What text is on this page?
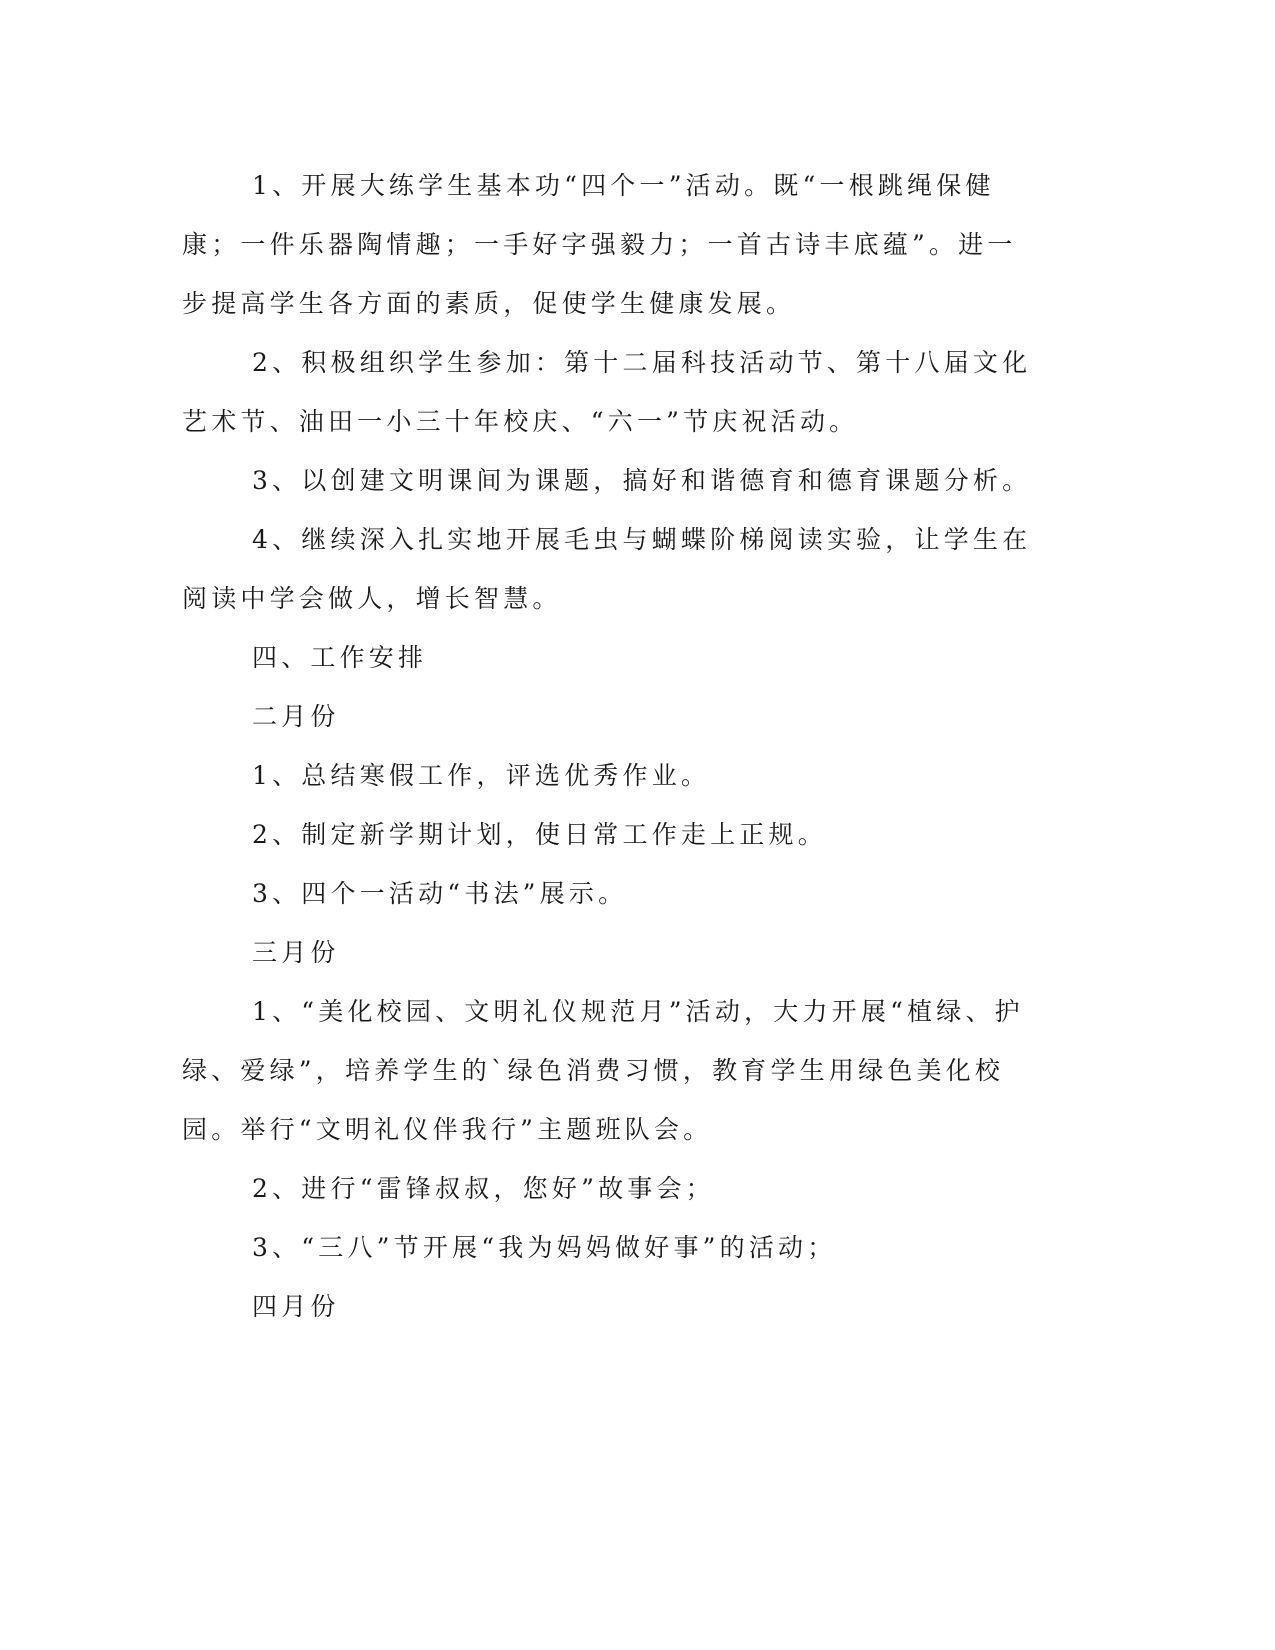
1、开展大练学生基本功“四个一”活动。既“一根跳绳保健康；一件乐器陶情趣；一手好字强毅力；一首古诗丰底蕴”。进一步提高学生各方面的素质，促使学生健康发展。

2、积极组织学生参加：第十二届科技活动节、第十八届文化艺术节、油田一小三十年校庆、“六一”节庆祝活动。

3、以创建文明课间为课题，搞好和谐德育和德育课题分析。

4、继续深入扎实地开展毛虫与蝴蝶阶梯阅读实验，让学生在阅读中学会做人，增长智慧。

四、工作安排

二月份

1、总结寒假工作，评选优秀作业。

2、制定新学期计划，使日常工作走上正规。

3、四个一活动“书法”展示。

三月份

1、“美化校园、文明礼仪规范月”活动，大力开展“植绿、护绿、爱绿”，培养学生的`绿色消费习惯，教育学生用绿色美化校园。举行“文明礼仪伴我行”主题班队会。

2、进行“雷锋叔叔，您好”故事会；

3、“三八”节开展“我为妈妈做好事”的活动；

四月份
